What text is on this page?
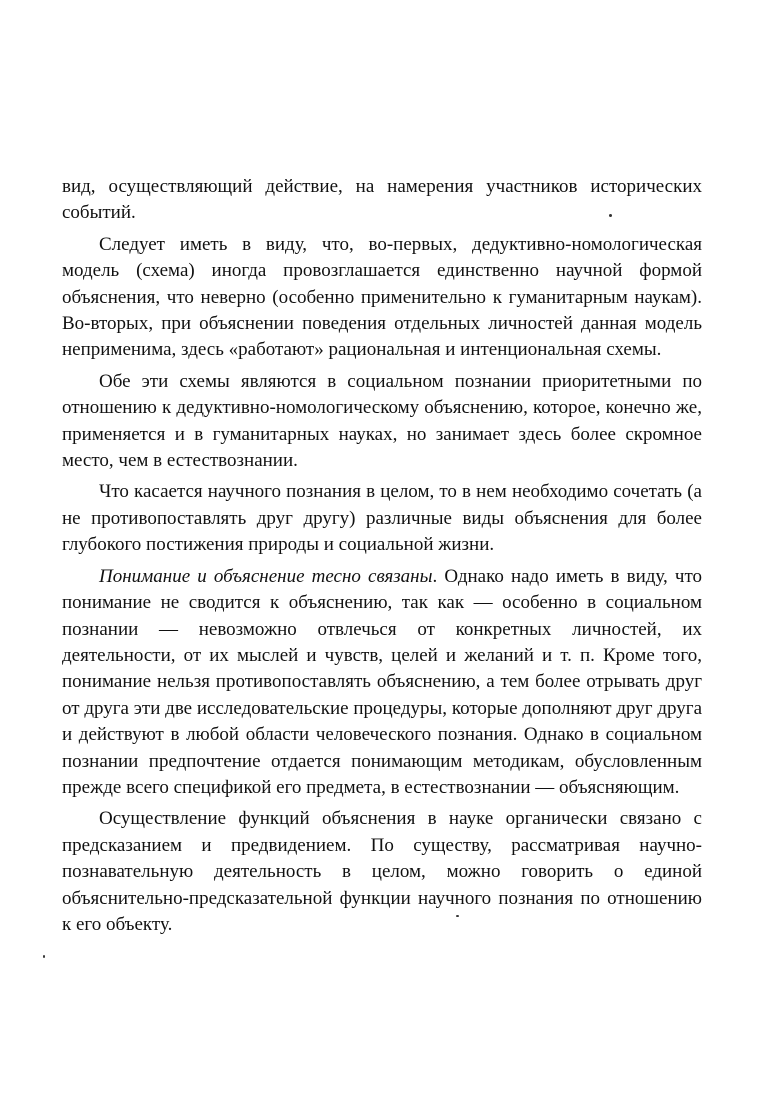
вид, осуществляющий действие, на намерения участников исторических событий.

Следует иметь в виду, что, во-первых, дедуктивно-номологическая модель (схема) иногда провозглашается единственно научной формой объяснения, что неверно (особенно применительно к гуманитарным наукам). Во-вторых, при объяснении поведения отдельных личностей данная модель неприменима, здесь «работают» рациональная и интенциональная схемы.

Обе эти схемы являются в социальном познании приоритетными по отношению к дедуктивно-номологическому объяснению, которое, конечно же, применяется и в гуманитарных науках, но занимает здесь более скромное место, чем в естествознании.

Что касается научного познания в целом, то в нем необходимо сочетать (а не противопоставлять друг другу) различные виды объяснения для более глубокого постижения природы и социальной жизни.

Понимание и объяснение тесно связаны. Однако надо иметь в виду, что понимание не сводится к объяснению, так как — особенно в социальном познании — невозможно отвлечься от конкретных личностей, их деятельности, от их мыслей и чувств, целей и желаний и т. п. Кроме того, понимание нельзя противопоставлять объяснению, а тем более отрывать друг от друга эти две исследовательские процедуры, которые дополняют друг друга и действуют в любой области человеческого познания. Однако в социальном познании предпочтение отдается понимающим методикам, обусловленным прежде всего спецификой его предмета, в естествознании — объясняющим.

Осуществление функций объяснения в науке органически связано с предсказанием и предвидением. По существу, рассматривая научно-познавательную деятельность в целом, можно говорить о единой объяснительно-предсказательной функции научного познания по отношению к его объекту.
